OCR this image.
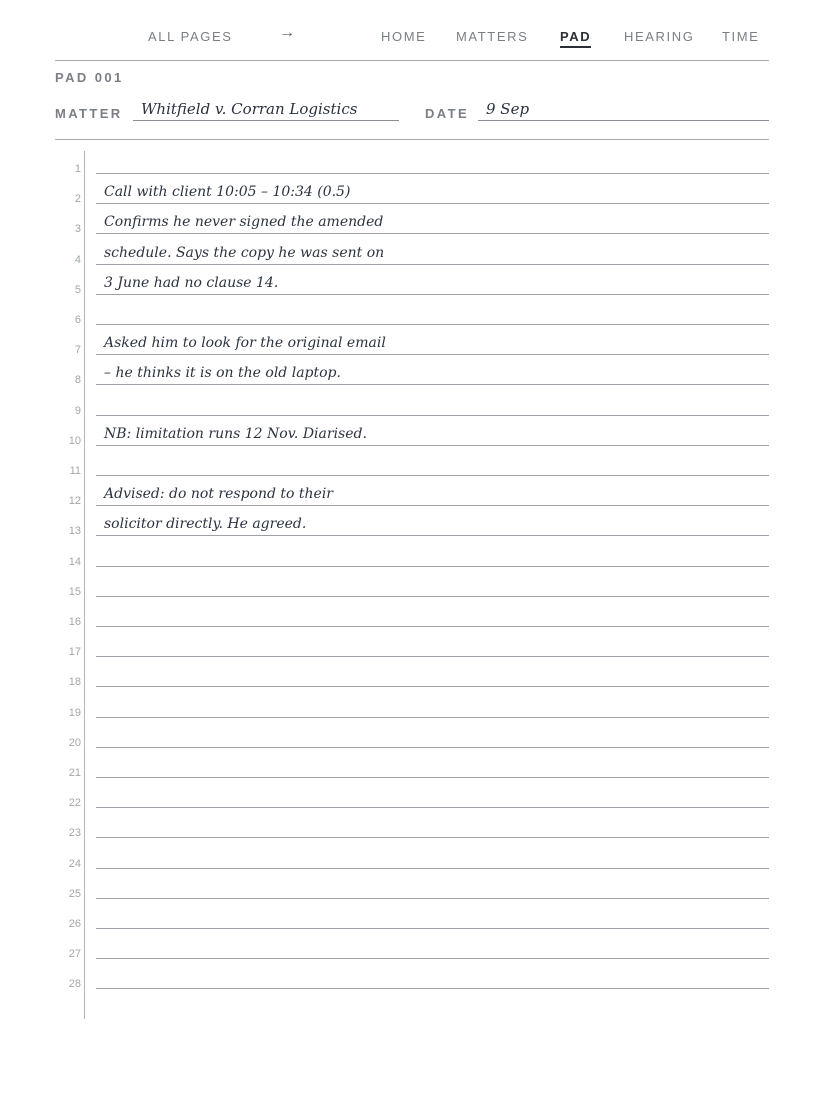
ALL PAGES	→	HOME MATTERS PAD	HEARING TIME
PAD 001
MATTER	Whitfield v. Corran Logistics	DATE	9 Sep
1
2 Call with client 10:05 – 10:34 (0.5)
3 Confirms he never signed the amended
4 schedule. Says the copy he was sent on
5 3 June had no clause 14.
6
7 Asked him to look for the original email
8 – he thinks it is on the old laptop.
9
10 NB: limitation runs 12 Nov. Diarised.
11
12 Advised: do not respond to their
13 solicitor directly. He agreed.
14
15
16
17
18
19
20
21
22
23
24
25
26
27
28
